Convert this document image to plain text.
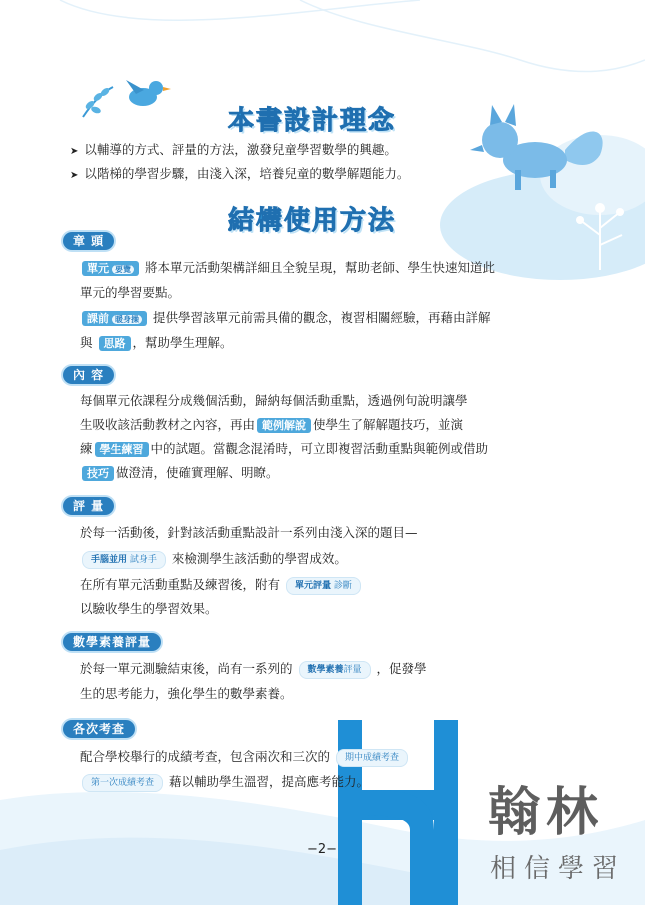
本書設計理念
➤ 以輔導的方式、評量的方法，激發兒童學習數學的興趣。
➤ 以階梯的學習步驟，由淺入深，培養兒童的數學解題能力。
結構使用方法
章 頭
單元 要覽 將本單元活動架構詳細且全貌呈現，幫助老師、學生快速知道此
單元的學習要點。
課前 暖身操 提供學習該單元前需具備的觀念，複習相關經驗，再藉由詳解
與 思路 ，幫助學生理解。
內 容
每個單元依課程分成幾個活動，歸納每個活動重點，透過例句說明讓學
生吸收該活動教材之內容，再由 範例解說 使學生了解解題技巧，並演
練 學生練習 中的試題。當觀念混淆時，可立即複習活動重點與範例或借助
技巧 做澄清，使確實理解、明瞭。
評 量
於每一活動後，針對該活動重點設計一系列由淺入深的題目—
手腦並用 試身手 來檢測學生該活動的學習成效。
在所有單元活動重點及練習後，附有 單元評量 診斷
以驗收學生的學習效果。
數學素養評量
於每一單元測驗結束後，尚有一系列的 數學素養評量 ，促發學
生的思考能力，強化學生的數學素養。
各次考查
配合學校舉行的成績考查，包含兩次和三次的 期中成績考查
第一次成績考查 藉以輔助學生溫習，提高應考能力。
−2−
翰林
相信學習
